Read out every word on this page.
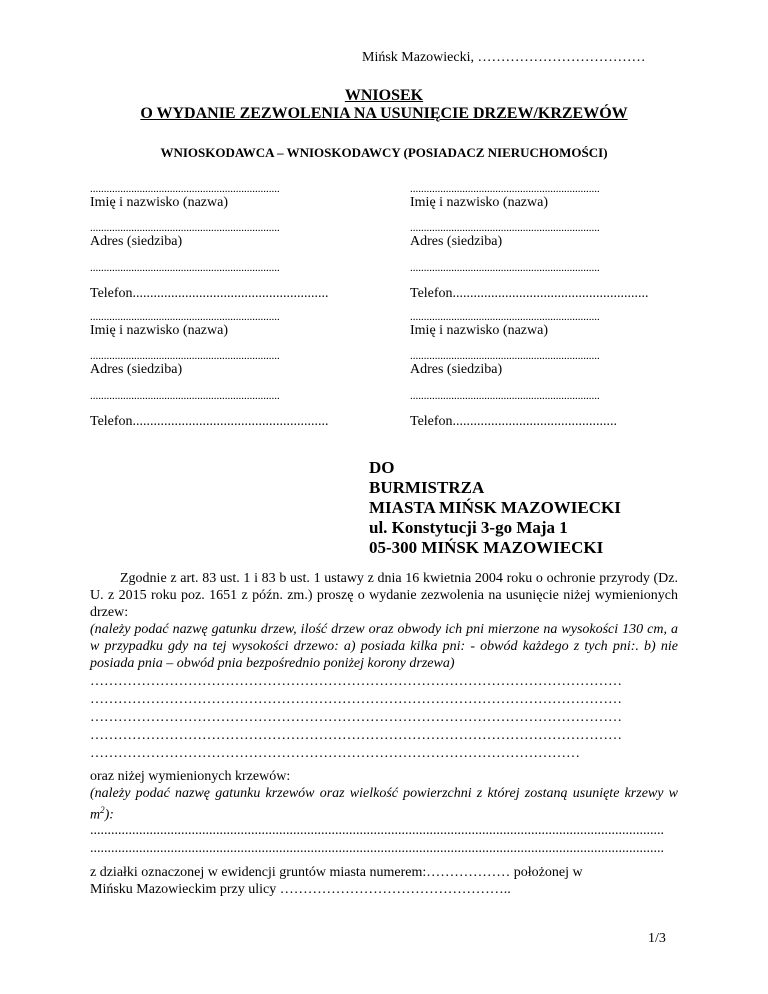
Mińsk Mazowiecki, ………………………………
WNIOSEK
O WYDANIE ZEZWOLENIA NA USUNIĘCIE DRZEW/KRZEWÓW
WNIOSKODAWCA – WNIOSKODAWCY (POSIADACZ NIERUCHOMOŚCI)
.....................................................................
Imię i nazwisko (nazwa)
.....................................................................
Adres (siedziba)
.....................................................................
Telefon........................................................
.....................................................................
Imię i nazwisko (nazwa)
.....................................................................
Adres (siedziba)
.....................................................................
Telefon........................................................
.....................................................................
Imię i nazwisko (nazwa)
.....................................................................
Adres (siedziba)
.....................................................................
Telefon........................................................
.....................................................................
Imię i nazwisko (nazwa)
.....................................................................
Adres (siedziba)
.....................................................................
Telefon...............................................
DO
BURMISTRZA
MIASTA MIŃSK MAZOWIECKI
ul. Konstytucji 3-go Maja 1
05-300 MIŃSK MAZOWIECKI
Zgodnie z art. 83 ust. 1 i 83 b ust. 1 ustawy z dnia 16 kwietnia 2004 roku o ochronie przyrody (Dz. U. z 2015 roku poz. 1651 z późn. zm.) proszę o wydanie zezwolenia na usunięcie niżej wymienionych drzew:
(należy podać nazwę gatunku drzew, ilość drzew oraz obwody ich pni mierzone na wysokości 130 cm, a w przypadku gdy na tej wysokości drzewo: a) posiada kilka pni: - obwód każdego z tych pni:. b) nie posiada pnia – obwód pnia bezpośrednio poniżej korony drzewa)
……………………………………………………………………………………………………
……………………………………………………………………………………………………
……………………………………………………………………………………………………
……………………………………………………………………………………………………
……………………………………………………………………………………………
oraz niżej wymienionych krzewów:
(należy podać nazwę gatunku krzewów oraz wielkość powierzchni z której zostaną usunięte krzewy w $m^2$):
....................................................................................................................................................................
....................................................................................................................................................................
z działki oznaczonej w ewidencji gruntów miasta numerem:……………… położonej w
Mińsku Mazowieckim przy ulicy …………………………………………..
1/3
